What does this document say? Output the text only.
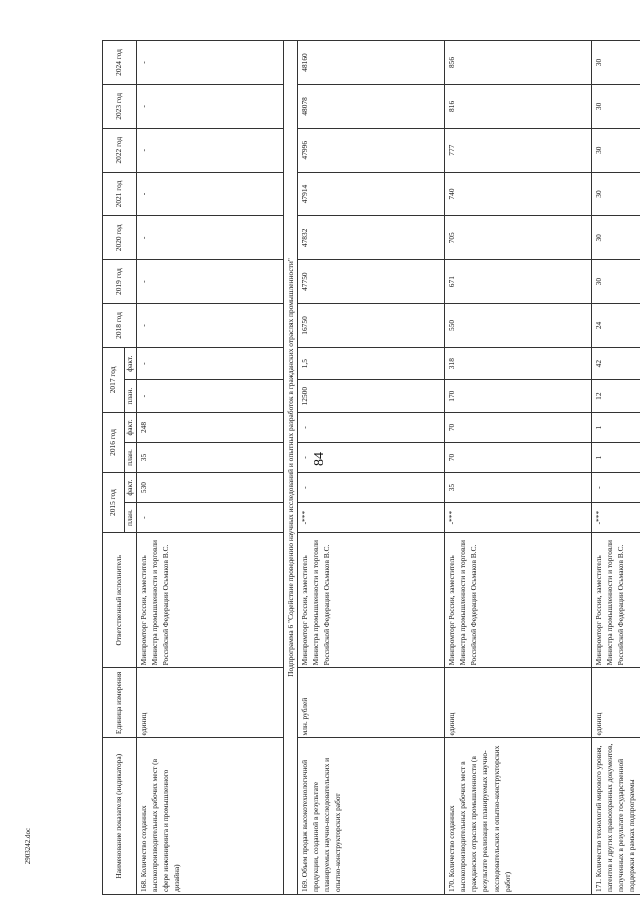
84
2903242.doc	Наименование показателя (индикатора)	Единица измерения	Ответственный исполнитель	2015 год		2016 год		2017 год		2018 год	2019 год	2020 год	2021 год	2022 год	2023 год	2024 год
			план.	факт.	план.	факт.	план.	факт.							
168. Количество созданных высокопроизводительных рабочих мест (в сфере инжиниринга и промышленного дизайна)	единиц	Минпромторг России, заместитель Министра промышленности и торговли Российской Федерации Осьмаков В.С.	-	530	35	248	-	-	-	-	-	-	-	-	-
Подпрограмма 6 "Содействие проведению научных исследований и опытных разработок в гражданских отраслях промышленности"															
169. Объем продаж высокотехнологичной продукции, созданной в результате планируемых научно-исследовательских и опытно-конструкторских работ	млн. рублей	Минпромторг России, заместитель Министра промышленности и торговли Российской Федерации Осьмаков В.С.	-***	-	-	-	12500	1,5	16750	47750	47832	47914	47996	48078	48160
170. Количество созданных высокопроизводительных рабочих мест в гражданских отраслях промышленности (в результате реализации планируемых научно-исследовательских и опытно-конструкторских работ)	единиц	Минпромторг России, заместитель Министра промышленности и торговли Российской Федерации Осьмаков В.С.	-***	35	70	70	170	318	550	671	705	740	777	816	856
171. Количество технологий мирового уровня, патентов и других правоохранных документов, полученных в результате государственной поддержки в рамках подпрограммы	единиц	Минпромторг России, заместитель Министра промышленности и торговли Российской Федерации Осьмаков В.С.	-***	-	1	1	12	42	24	30	30	30	30	30	30
